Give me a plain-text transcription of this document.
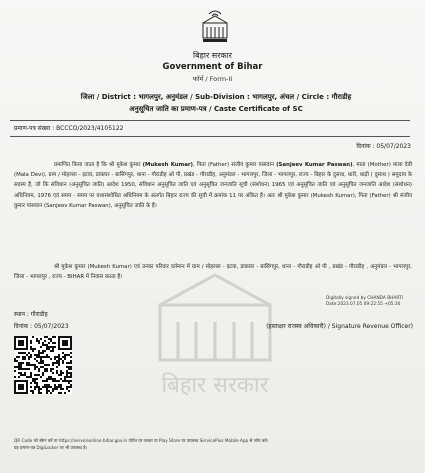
बिहार सरकार
Government of Bihar
फॉर्म / Form-II
जिला / District : भागलपुर, अनुमंडल / Sub-Division : भागलपुर, अंचल / Circle : गौराडीह
अनुसूचित जाति का प्रमाण-पत्र / Caste Certificate of SC
प्रमाण-पत्र संख्या : BCCCO/2023/4105122
दिनांक : 05/07/2023
बिहार सरकार
प्रमाणित किया जाता है कि श्री मुकेश कुमार (Mukesh Kumar), पिता (Father) संजीव कुमार पासवान (Sanjeev Kumar Paswan), माता (Mother) माला देवी (Mala Devi), ग्राम / मोहल्ला - इटवा, डाकघर - बासिंगपुर, थाना - गौराडीह ओ पी, प्रखंड - गौराडीह, अनुमंडल - भागलपुर, जिला - भागलपुर, राज्य - बिहार के दुसाध, धारी, धाढ़ी ( दुसाध ) समुदाय के सदस्य हैं, जो कि संविधान (अनुसूचित जाति) आदेश 1950, संविधान अनुसूचित जाति एवं अनुसूचित जनजाति सूची (संशोधन) 1965 एवं अनुसूचित जाति एवं अनुसूचित जनजाति आदेश (संशोधन) अधिनियम, 1976 एवं समय - समय पर यथासंशोधित अधिनियम के अंतर्गत बिहार राज्य की सूची में क्रमांक 11 पर अंकित है। अतः श्री मुकेश कुमार (Mukesh Kumar), पिता (Father) श्री संजीव कुमार पासवान (Sanjeev Kumar Paswan), अनुसूचित जाति के हैं।
श्री मुकेश कुमार (Mukesh Kumar) एवं उनका परिवार वर्तमान में ग्राम / मोहल्ला - इटवा, डाकघर - बासिंगपुर, थाना - गौराडीह ओ पी , प्रखंड - गौराडीह , अनुमंडल - भागलपुर, जिला - भागलपुर , राज्य - BIHAR में निवास करता है।
Digitally signed by CHANDA BHARTI
Date:2023.07.05 09:22:55 +05:30
स्थान : गौराडीह
दिनांक : 05/07/2023	(हस्ताक्षर राजस्व अधिकारी) / Signature Revenue Officer)
QR Code को स्कैन करें या https://serviceonline.bihar.gov.in पोर्टल पर जाकर या Play Store पर उपलब्ध ServicePlus Mobile App से जाँच करें।
यह प्रमाण-पत्र DigiLocker पर भी उपलब्ध है।
